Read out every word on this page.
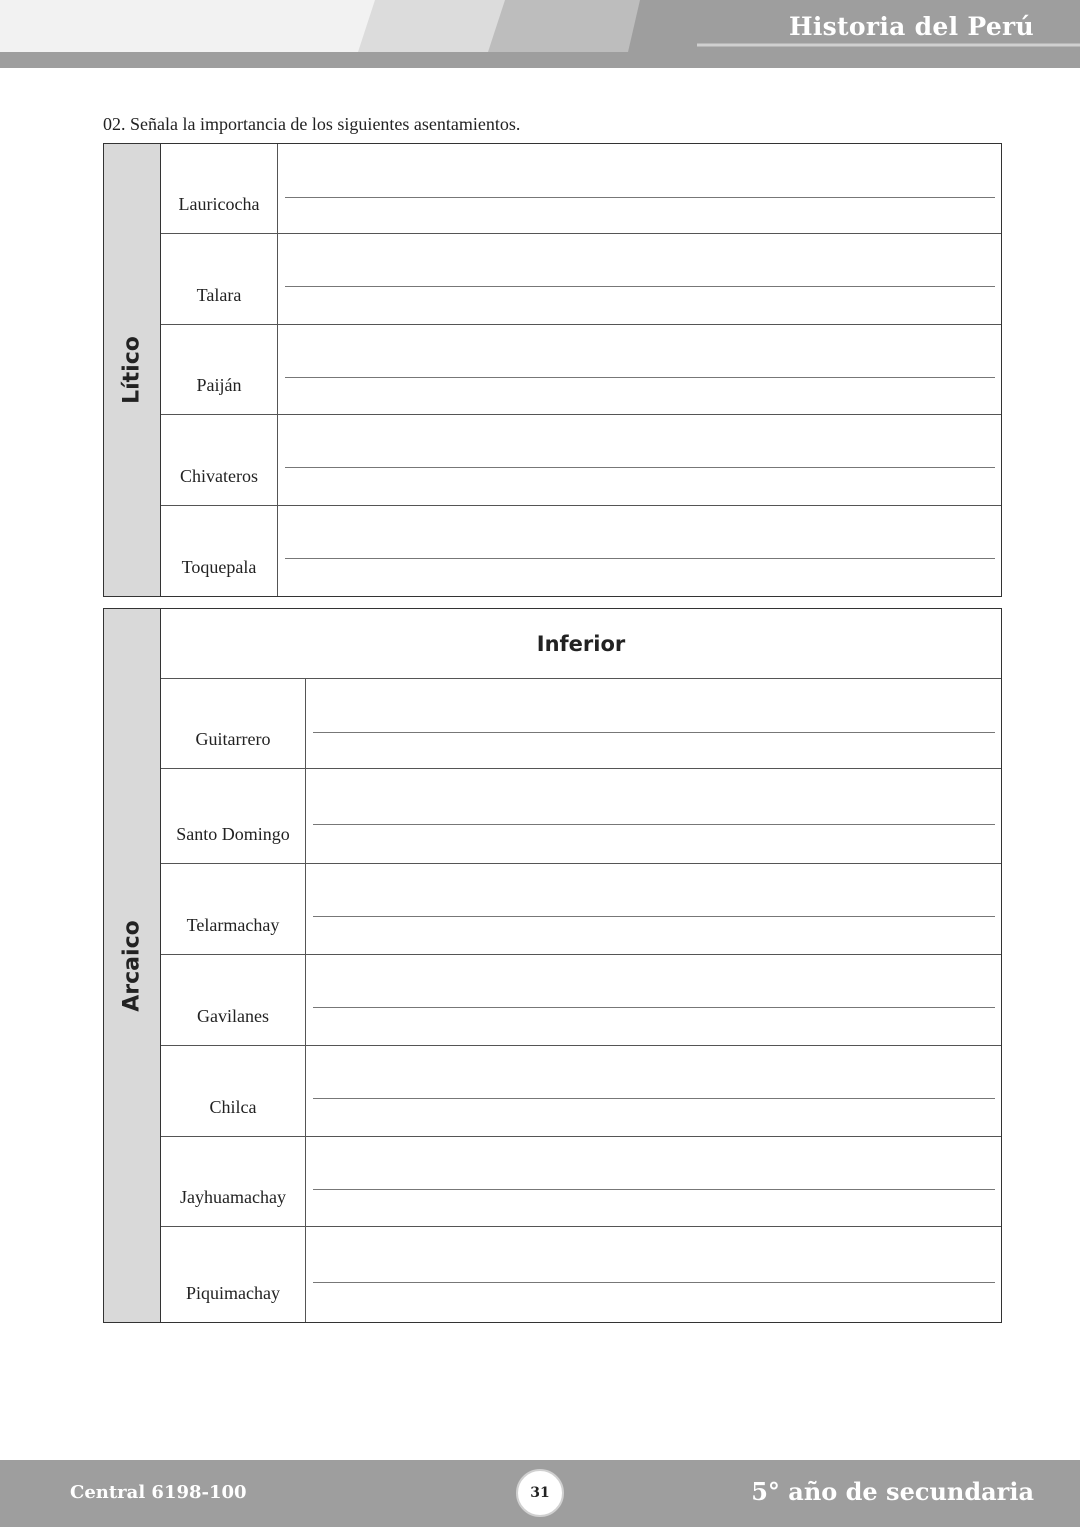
Historia del Perú
02. Señala la importancia de los siguientes asentamientos.
Lítico
Lauricocha
Talara
Paiján
Chivateros
Toquepala
Arcaico
Inferior
Guitarrero
Santo Domingo
Telarmachay
Gavilanes
Chilca
Jayhuamachay
Piquimachay
Central 6198-100	31	5° año de secundaria
